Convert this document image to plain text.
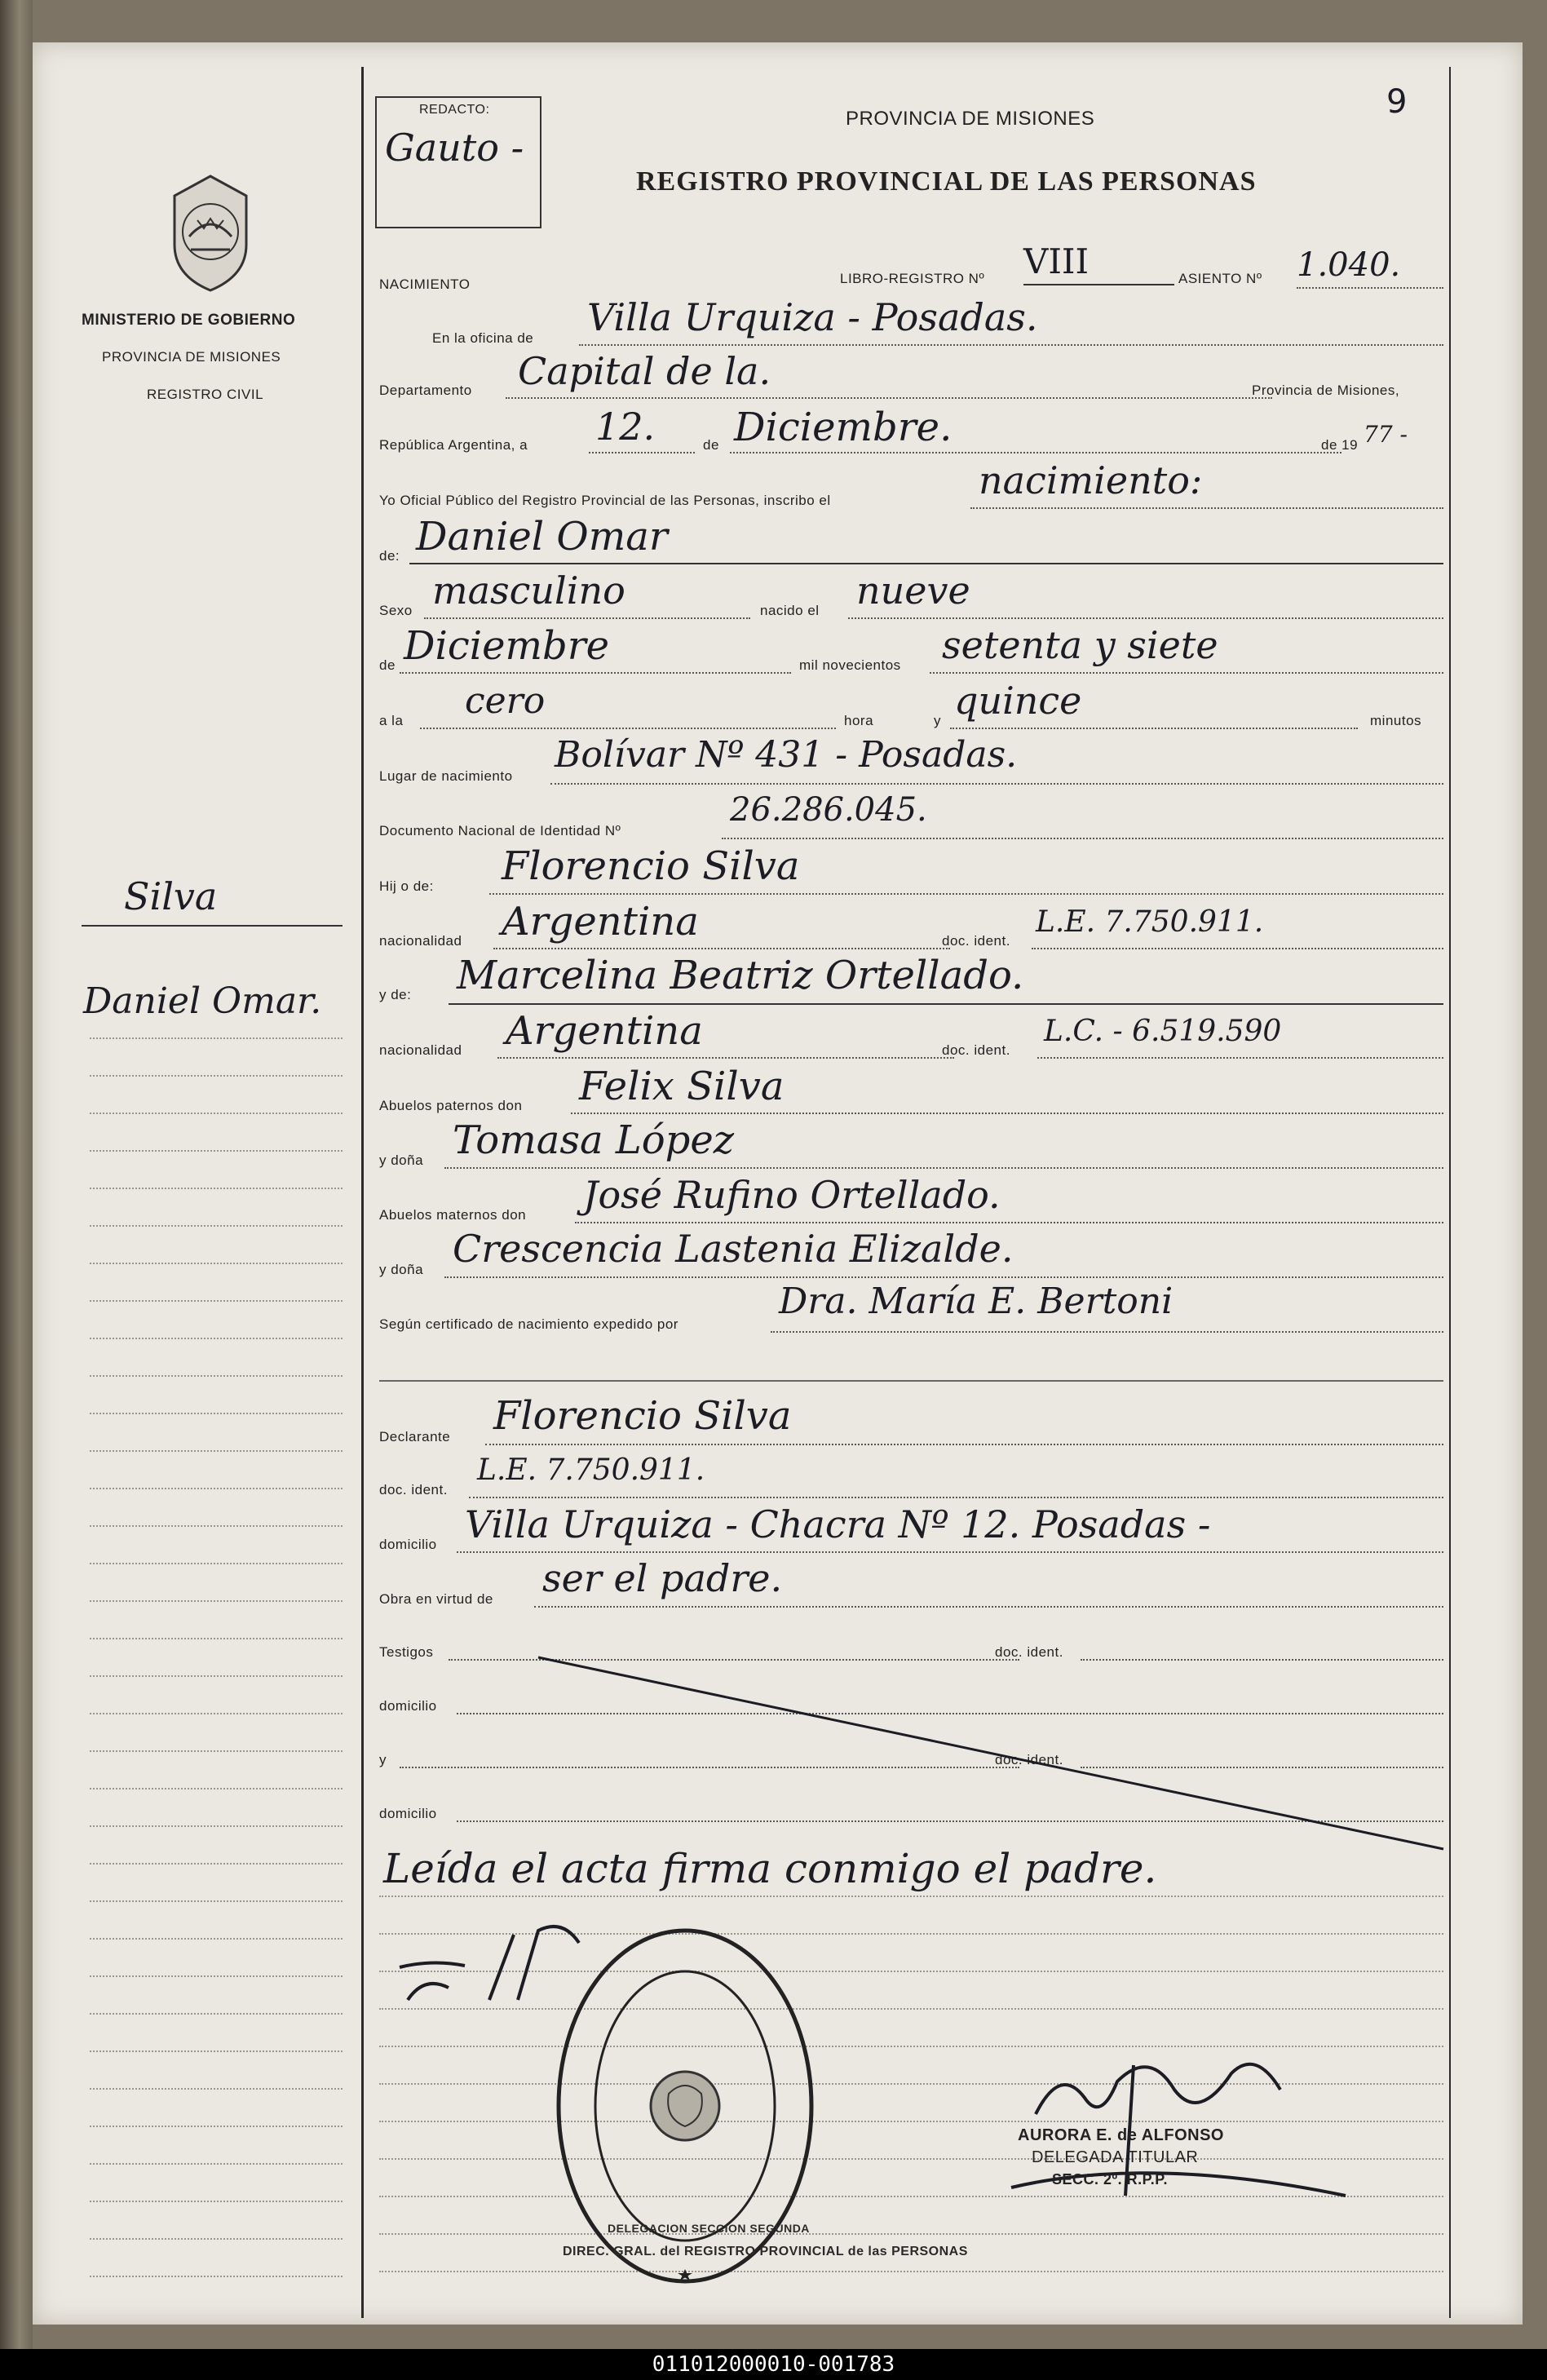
MINISTERIO DE GOBIERNO
PROVINCIA DE MISIONES
REGISTRO CIVIL
REDACTO:
Gauto -
9
PROVINCIA DE MISIONES
REGISTRO PROVINCIAL DE LAS PERSONAS
NACIMIENTO	LIBRO-REGISTRO Nº VIII	ASIENTO Nº 1.040.
En la oficina de Villa Urquiza - Posadas.
Departamento Capital de la.	Provincia de Misiones,
República Argentina, a 12.	de Diciembre.	de 19 77 -
Yo Oficial Público del Registro Provincial de las Personas, inscribo el	nacimiento:
de: Daniel Omar
Sexo masculino	nacido el nueve
de Diciembre	mil novecientos setenta y siete
a la cero	hora	y quince	minutos
Lugar de nacimiento
Bolívar Nº 431 - Posadas.
Documento Nacional de Identidad Nº
26.286.045.
Hij o de: Florencio Silva
nacionalidad Argentina	doc. ident.
L.E. 7.750.911.
y de: Marcelina Beatriz Ortellado.
nacionalidad Argentina	doc. ident.
L.C. - 6.519.590
Abuelos paternos don Felix Silva
y doña Tomasa López
Abuelos maternos don José Rufino Ortellado.
y doña Crescencia Lastenia Elizalde.
Según certificado de nacimiento expedido por
Dra. María E. Bertoni
Declarante Florencio Silva
doc. ident.
L.E. 7.750.911.
domicilio Villa Urquiza - Chacra Nº 12. Posadas -
Obra en virtud de ser el padre.
Testigos	doc. ident.
domicilio
y	doc. ident.
domicilio
Leída el acta firma conmigo el padre.
DIREC. GRAL. del REGISTRO PROVINCIAL de las PERSONAS
DELEGACION SECCION SEGUNDA
AURORA E. de ALFONSO
DELEGADA TITULAR
SECC. 2º. R.P.P.
Silva
Daniel Omar.
011012000010-001783
